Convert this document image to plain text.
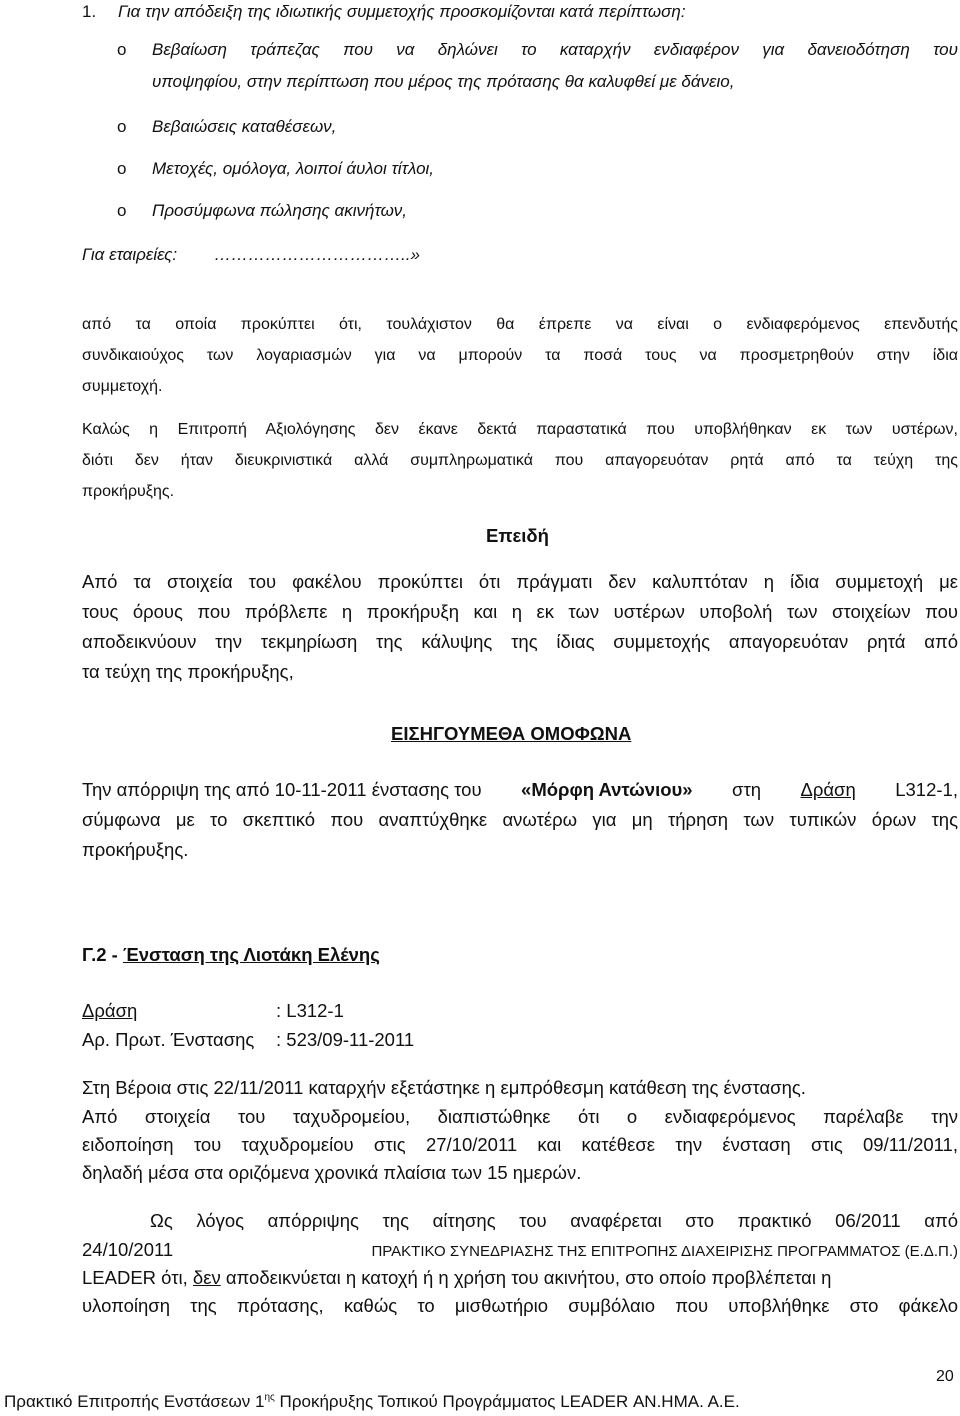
1. Για την απόδειξη της ιδιωτικής συμμετοχής προσκομίζονται κατά περίπτωση:
o Βεβαίωση τράπεζας που να δηλώνει το καταρχήν ενδιαφέρον για δανειοδότηση του
υποψηφίου, στην περίπτωση που μέρος της πρότασης θα καλυφθεί με δάνειο,
o Βεβαιώσεις καταθέσεων,
o Μετοχές, ομόλογα, λοιποί άυλοι τίτλοι,
o Προσύμφωνα πώλησης ακινήτων,
Για εταιρείες: ……………………………..»
από τα οποία προκύπτει ότι, τουλάχιστον θα έπρεπε να είναι ο ενδιαφερόμενος επενδυτής
συνδικαιούχος των λογαριασμών για να μπορούν τα ποσά τους να προσμετρηθούν στην ίδια
συμμετοχή.
Καλώς η Επιτροπή Αξιολόγησης δεν έκανε δεκτά παραστατικά που υποβλήθηκαν εκ των υστέρων,
διότι δεν ήταν διευκρινιστικά αλλά συμπληρωματικά που απαγορευόταν ρητά από τα τεύχη της
προκήρυξης.
Επειδή
Από τα στοιχεία του φακέλου προκύπτει ότι πράγματι δεν καλυπτόταν η ίδια συμμετοχή με
τους όρους που πρόβλεπε η προκήρυξη και η εκ των υστέρων υποβολή των στοιχείων που
αποδεικνύουν την τεκμηρίωση της κάλυψης της ίδιας συμμετοχής απαγορευόταν ρητά από
τα τεύχη της προκήρυξης,
ΕΙΣΗΓΟΥΜΕΘΑ ΟΜΟΦΩΝΑ
Την απόρριψη της από 10-11-2011 ένστασης του «Μόρφη Αντώνιου» στη Δράση L312-1,
σύμφωνα με το σκεπτικό που αναπτύχθηκε ανωτέρω για μη τήρηση των τυπικών όρων της
προκήρυξης.
Γ.2 - Ένσταση της Λιοτάκη Ελένης
Δράση	: L312-1
Αρ. Πρωτ. Ένστασης : 523/09-11-2011
Στη Βέροια στις 22/11/2011 καταρχήν εξετάστηκε η εμπρόθεσμη κατάθεση της ένστασης.
Από στοιχεία του ταχυδρομείου, διαπιστώθηκε ότι ο ενδιαφερόμενος παρέλαβε την
ειδοποίηση του ταχυδρομείου στις 27/10/2011 και κατέθεσε την ένσταση στις 09/11/2011,
δηλαδή μέσα στα οριζόμενα χρονικά πλαίσια των 15 ημερών.
Ως λόγος απόρριψης της αίτησης του αναφέρεται στο πρακτικό 06/2011 από
24/10/2011	ΠΡΑΚΤΙΚΟ ΣΥΝΕΔΡΙΑΣΗΣ ΤΗΣ ΕΠΙΤΡΟΠΗΣ ΔΙΑΧΕΙΡΙΣΗΣ ΠΡΟΓΡΑΜΜΑΤΟΣ (Ε.Δ.Π.)
LEADER ότι, δεν αποδεικνύεται η κατοχή ή η χρήση του ακινήτου, στο οποίο προβλέπεται η
υλοποίηση της πρότασης, καθώς το μισθωτήριο συμβόλαιο που υποβλήθηκε στο φάκελο
20
Πρακτικό Επιτροπής Ενστάσεων $1^{\eta\varsigma}$ Προκήρυξης Τοπικού Προγράμματος LEADER ΑΝ.ΗΜΑ. Α.Ε.
